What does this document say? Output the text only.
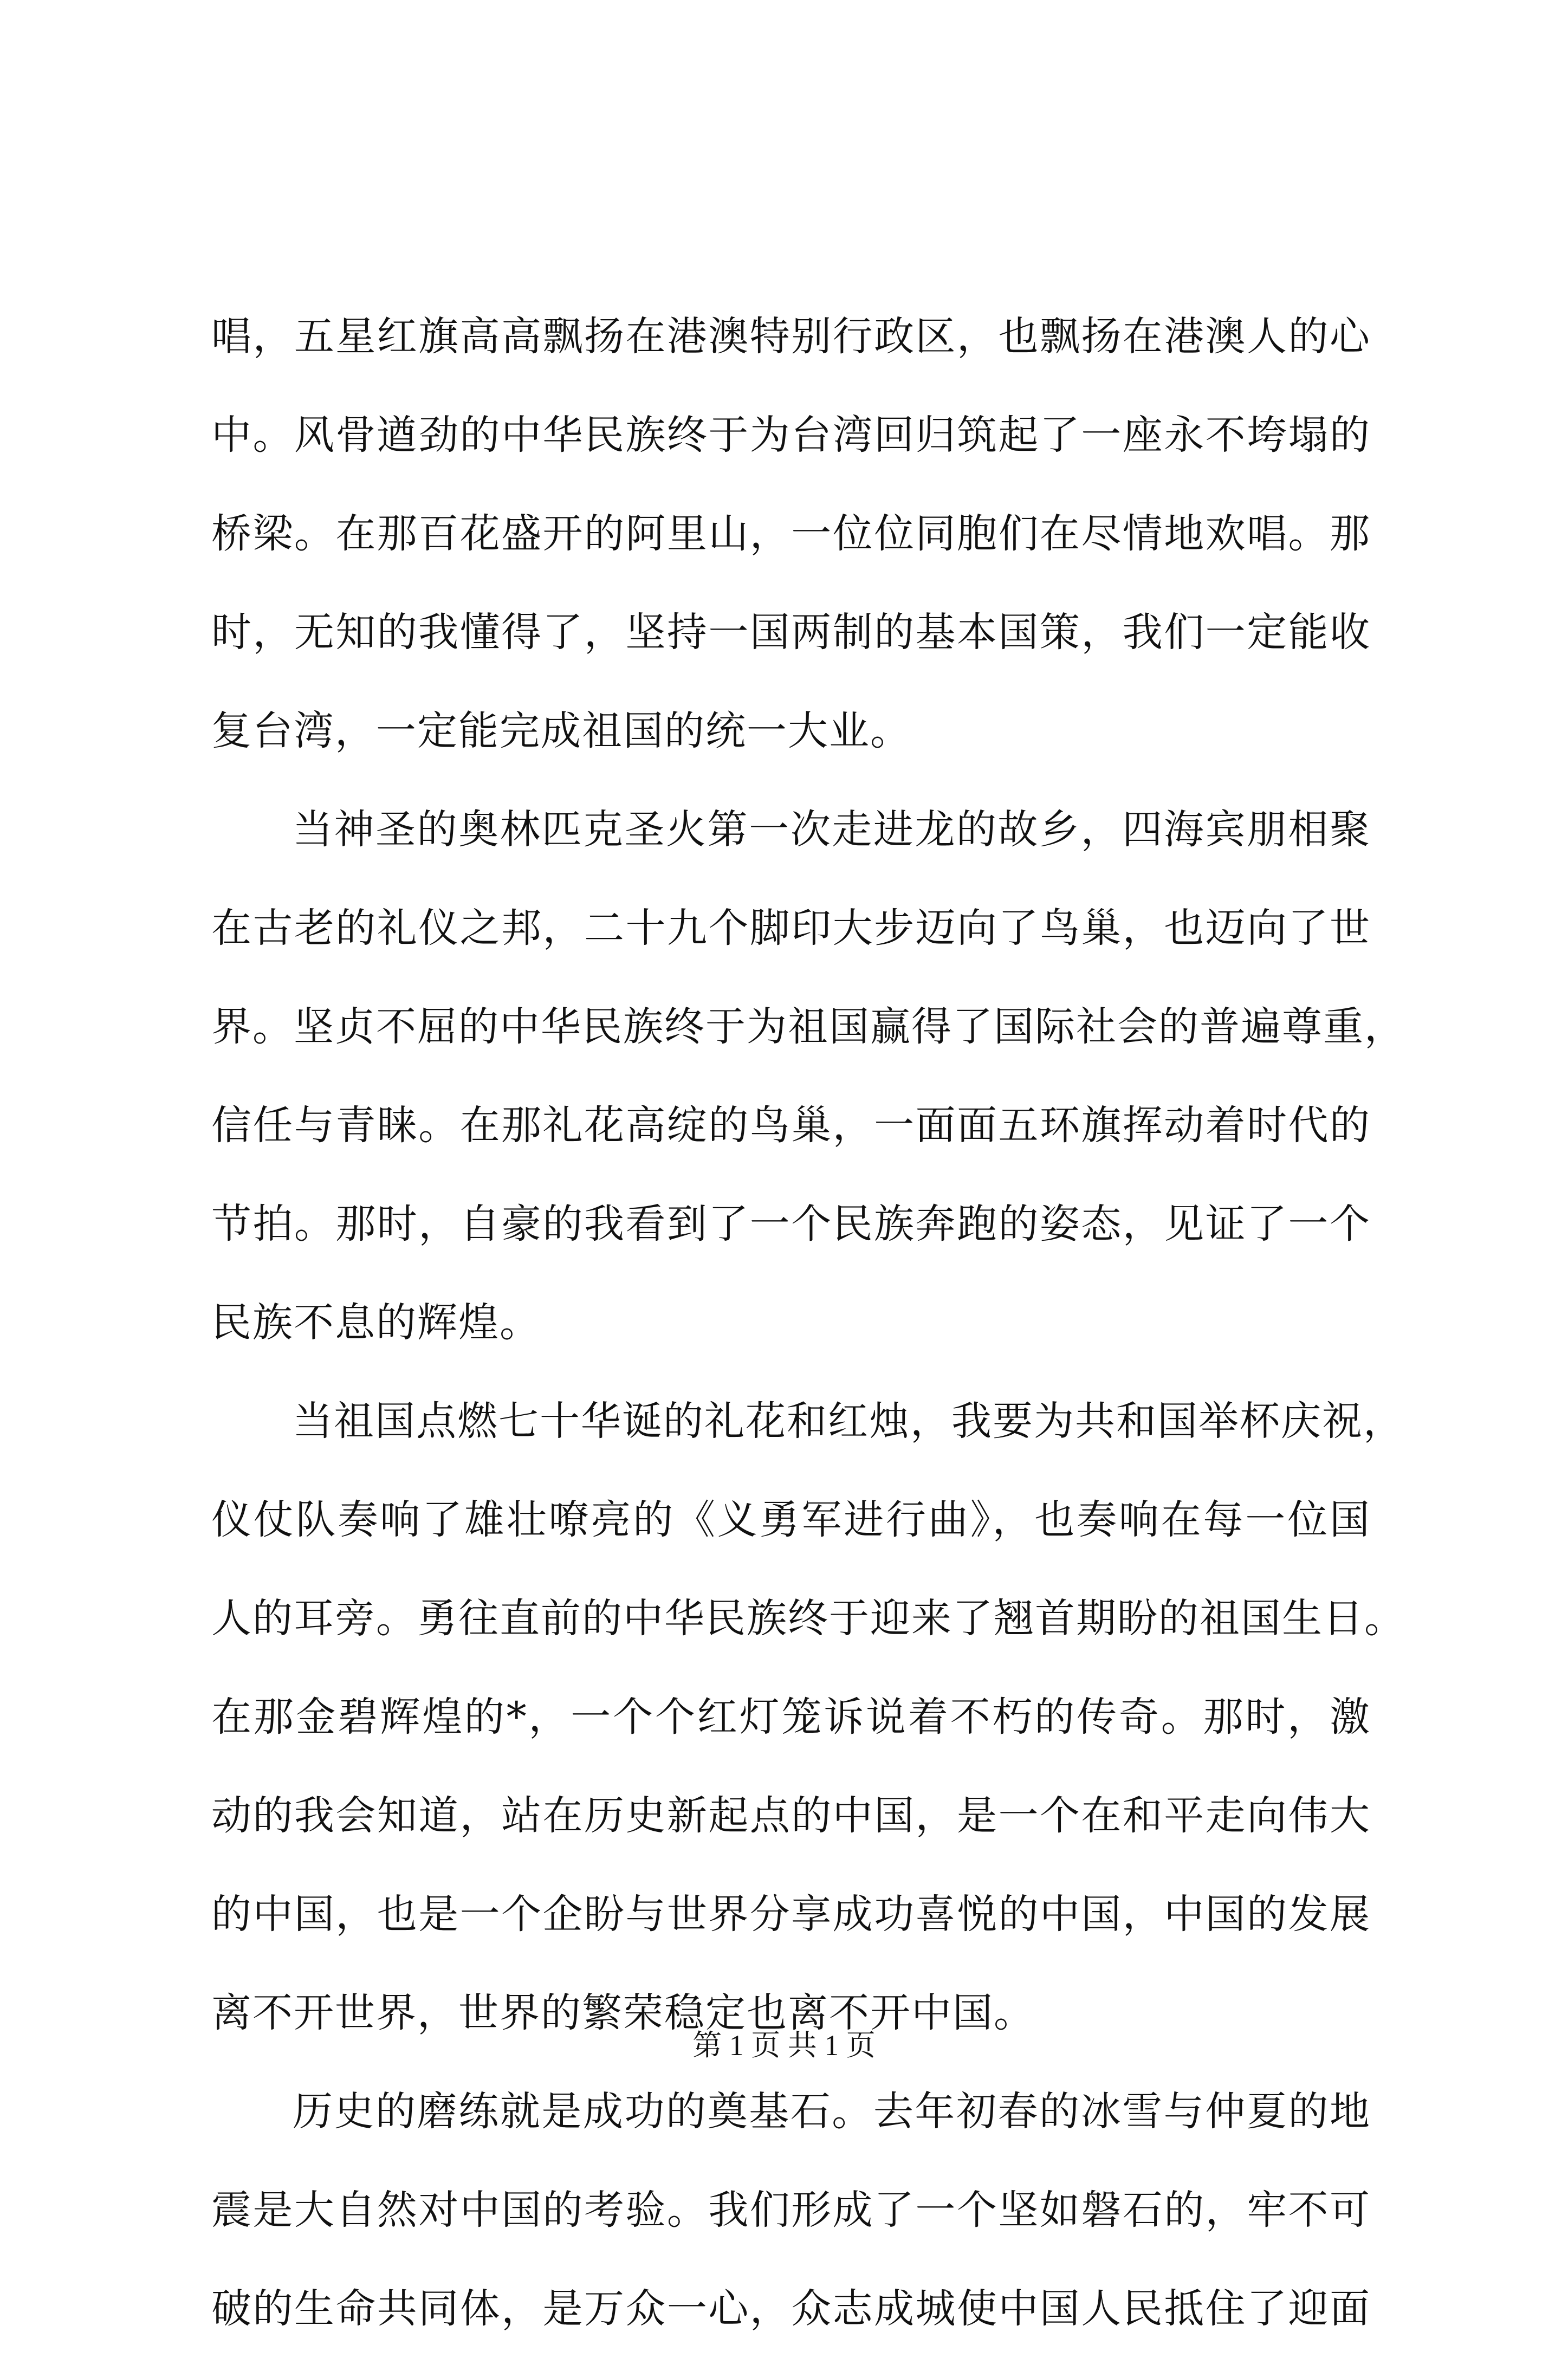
唱，五星红旗高高飘扬在港澳特别行政区，也飘扬在港澳人的心
中。风骨遒劲的中华民族终于为台湾回归筑起了一座永不垮塌的
桥梁。在那百花盛开的阿里山，一位位同胞们在尽情地欢唱。那
时，无知的我懂得了，坚持一国两制的基本国策，我们一定能收
复台湾，一定能完成祖国的统一大业。
当神圣的奥林匹克圣火第一次走进龙的故乡，四海宾朋相聚
在古老的礼仪之邦，二十九个脚印大步迈向了鸟巢，也迈向了世
界。坚贞不屈的中华民族终于为祖国赢得了国际社会的普遍尊重，
信任与青睐。在那礼花高绽的鸟巢，一面面五环旗挥动着时代的
节拍。那时，自豪的我看到了一个民族奔跑的姿态，见证了一个
民族不息的辉煌。
当祖国点燃七十华诞的礼花和红烛，我要为共和国举杯庆祝，
仪仗队奏响了雄壮嘹亮的《义勇军进行曲》，也奏响在每一位国
人的耳旁。勇往直前的中华民族终于迎来了翘首期盼的祖国生日。
在那金碧辉煌的*，一个个红灯笼诉说着不朽的传奇。那时，激
动的我会知道，站在历史新起点的中国，是一个在和平走向伟大
的中国，也是一个企盼与世界分享成功喜悦的中国，中国的发展
离不开世界，世界的繁荣稳定也离不开中国。
历史的磨练就是成功的奠基石。去年初春的冰雪与仲夏的地
震是大自然对中国的考验。我们形成了一个坚如磐石的，牢不可
破的生命共同体，是万众一心，众志成城使中国人民抵住了迎面
第 1 页 共 1 页
